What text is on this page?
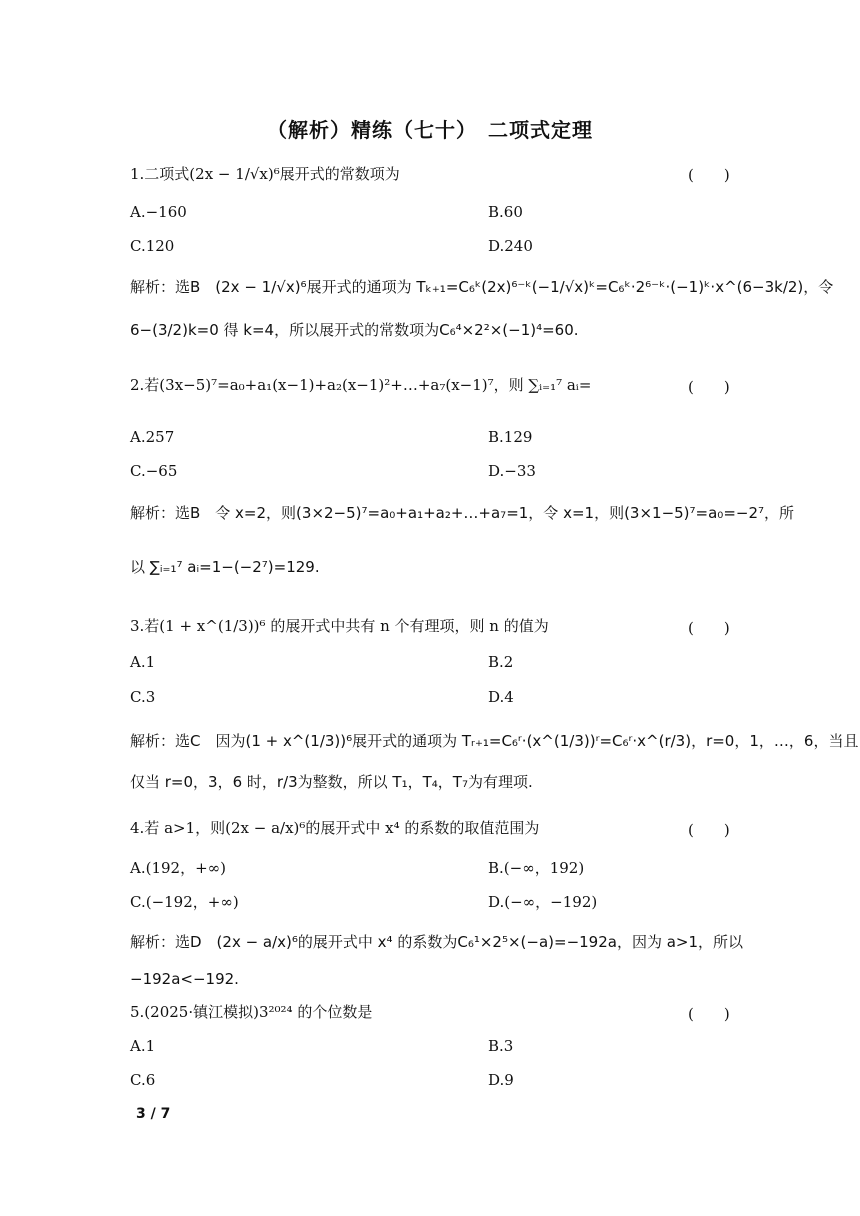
（解析）精练（七十）　二项式定理
1.二项式(2x − 1/√x)⁶展开式的常数项为	(　　)
A.−160	B.60
C.120	D.240
解析：选B　(2x − 1/√x)⁶展开式的通项为 Tₖ₊₁=C₆ᵏ(2x)⁶⁻ᵏ(−1/√x)ᵏ=C₆ᵏ·2⁶⁻ᵏ·(−1)ᵏ·x^(6−3k/2)，令
6−(3/2)k=0 得 k=4，所以展开式的常数项为C₆⁴×2²×(−1)⁴=60.
2.若(3x−5)⁷=a₀+a₁(x−1)+a₂(x−1)²+…+a₇(x−1)⁷，则 ∑ᵢ₌₁⁷ aᵢ=	(　　)
A.257	B.129
C.−65	D.−33
解析：选B　令 x=2，则(3×2−5)⁷=a₀+a₁+a₂+…+a₇=1，令 x=1，则(3×1−5)⁷=a₀=−2⁷，所
以 ∑ᵢ₌₁⁷ aᵢ=1−(−2⁷)=129.
3.若(1 + x^(1/3))⁶ 的展开式中共有 n 个有理项，则 n 的值为	(　　)
A.1	B.2
C.3	D.4
解析：选C　因为(1 + x^(1/3))⁶展开式的通项为 Tᵣ₊₁=C₆ʳ·(x^(1/3))ʳ=C₆ʳ·x^(r/3)，r=0，1，…，6，当且
仅当 r=0，3，6 时，r/3为整数，所以 T₁，T₄，T₇为有理项.
4.若 a>1，则(2x − a/x)⁶的展开式中 x⁴ 的系数的取值范围为	(　　)
A.(192，+∞)	B.(−∞，192)
C.(−192，+∞)	D.(−∞，−192)
解析：选D　(2x − a/x)⁶的展开式中 x⁴ 的系数为C₆¹×2⁵×(−a)=−192a，因为 a>1，所以
−192a<−192.
5.(2025·镇江模拟)3²⁰²⁴ 的个位数是	(　　)
A.1	B.3
C.6	D.9
3 / 7
